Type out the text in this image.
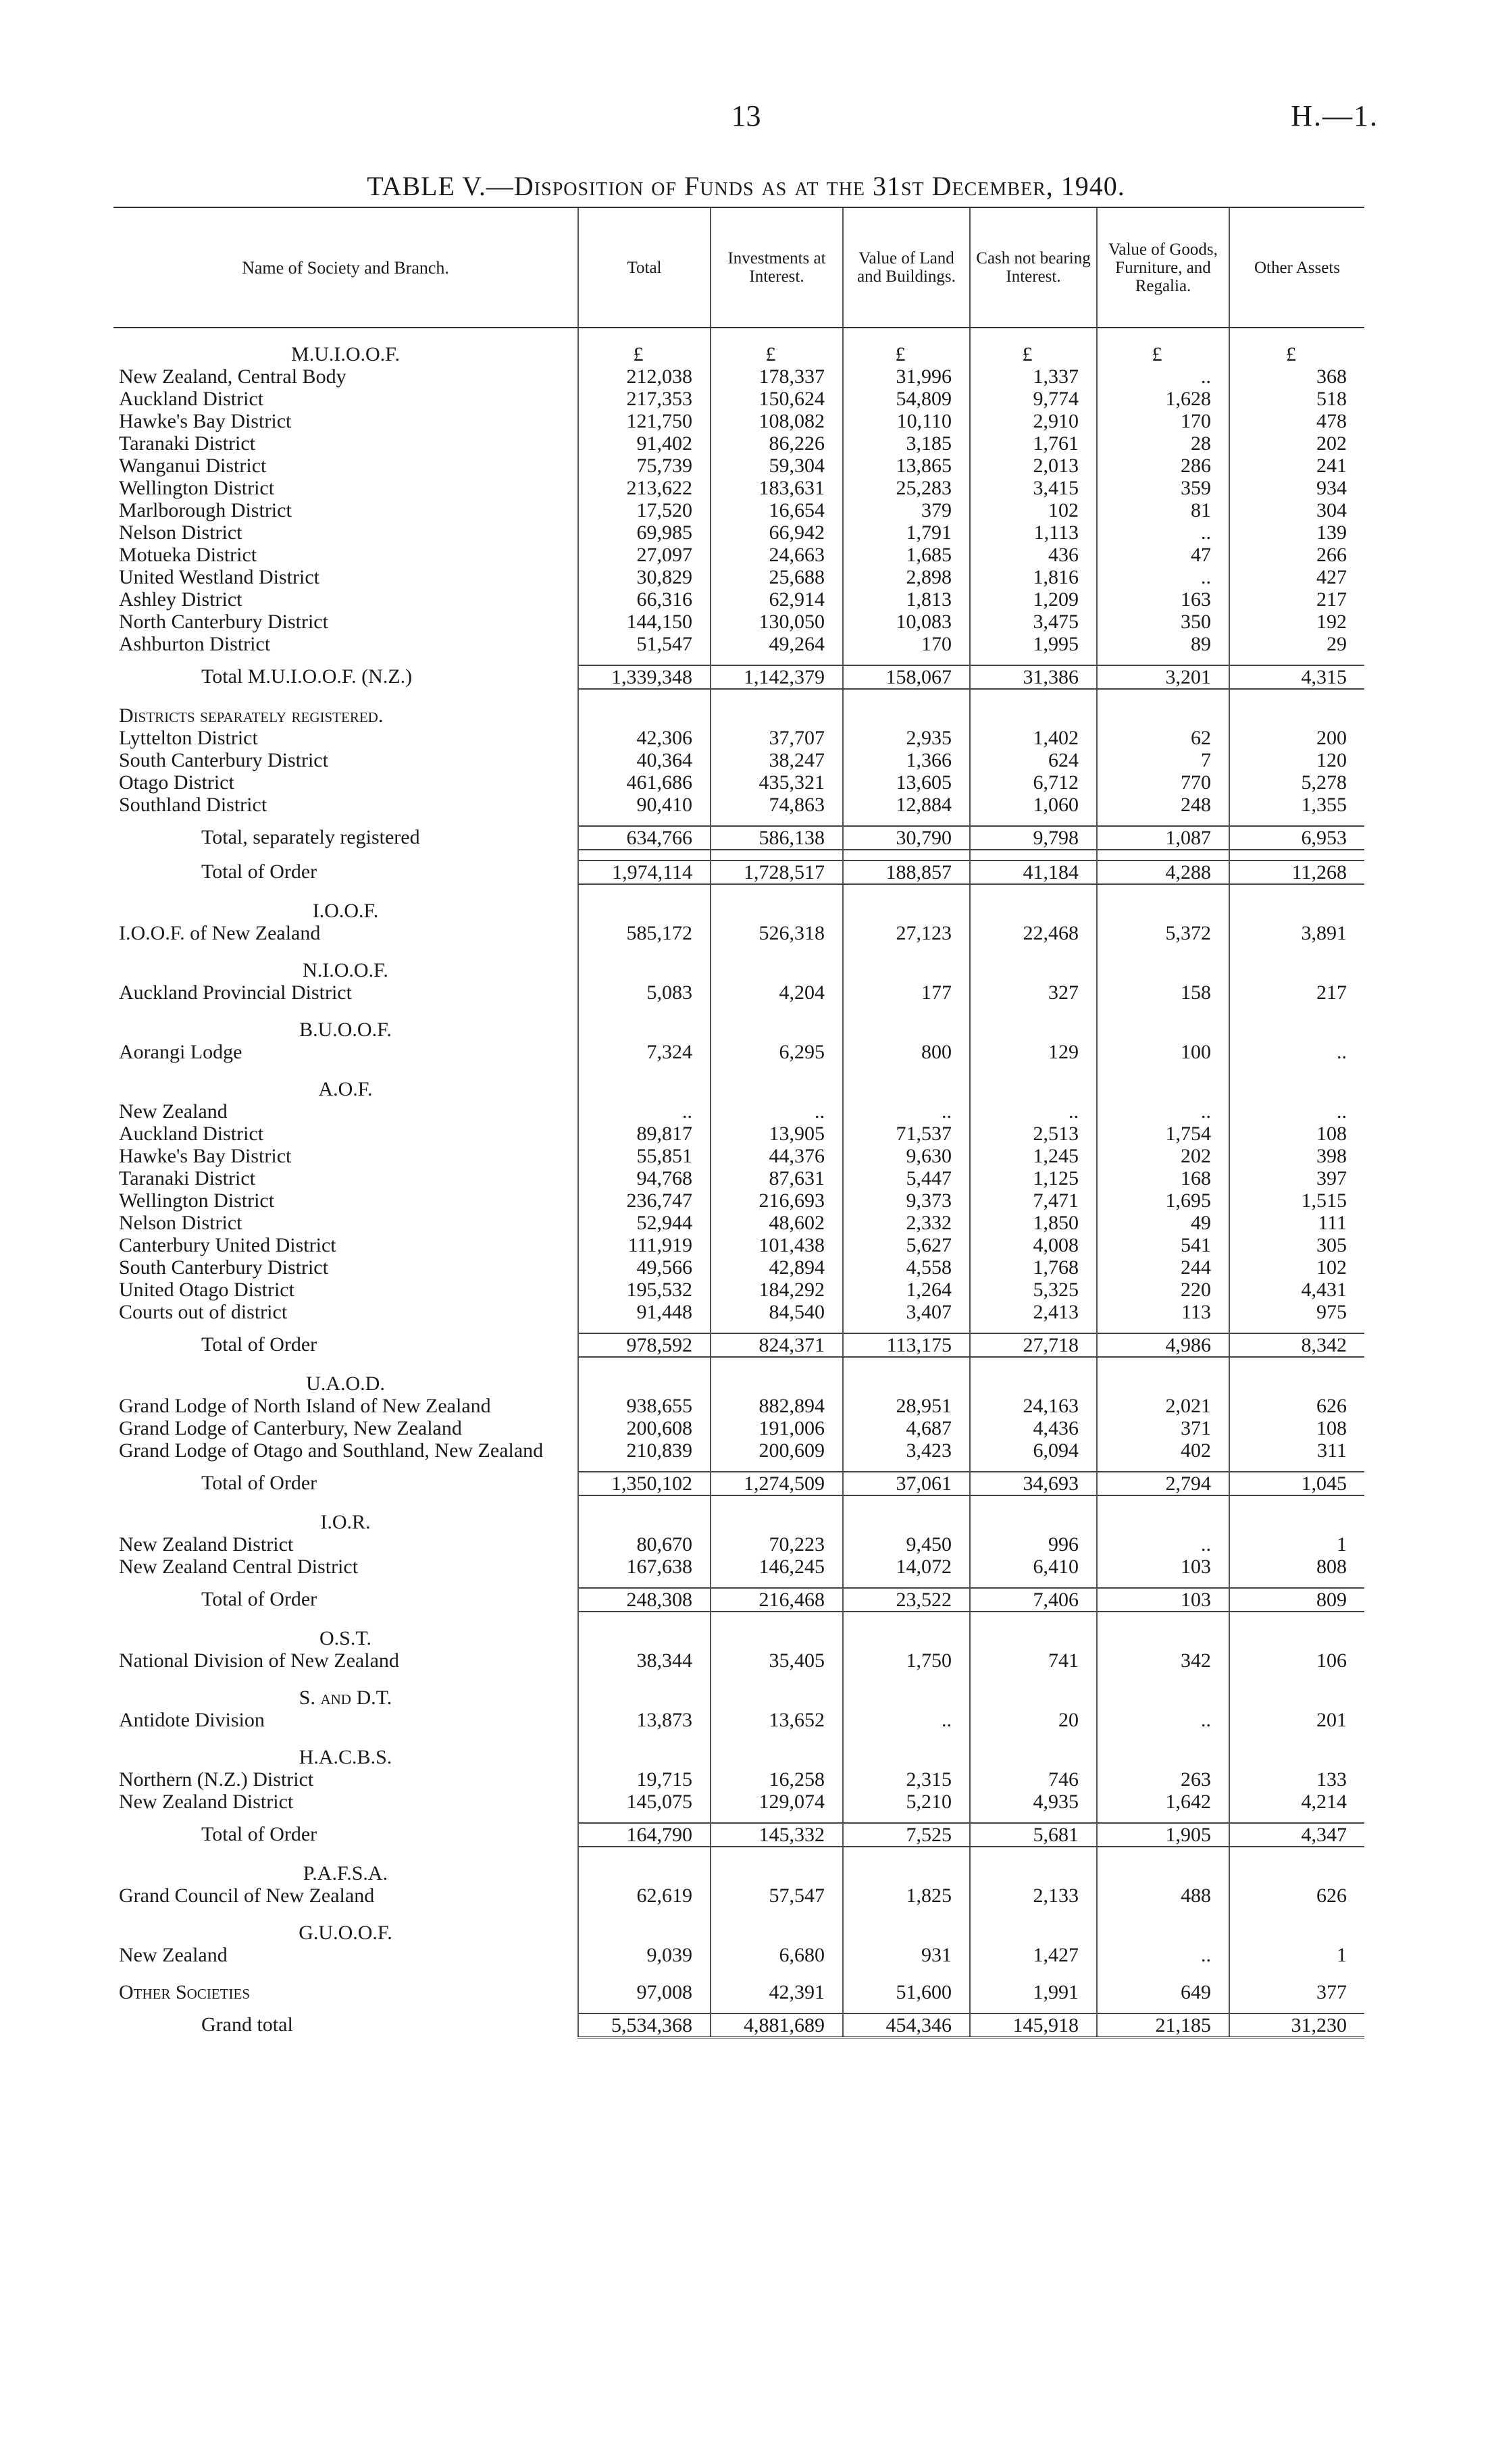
13	H.—1.
TABLE V.—Disposition of Funds as at the 31st December, 1940.
Name of Society and Branch.	Total	Investments at Interest.	Value of Land and Buildings.	Cash not bearing Interest.	Value of Goods, Furniture, and Regalia.	Other Assets

M.U.I.O.O.F.	£	£	£	£	£	£
New Zealand, Central Body	212,038	178,337	31,996	1,337	..	368
Auckland District	217,353	150,624	54,809	9,774	1,628	518
Hawke's Bay District	121,750	108,082	10,110	2,910	170	478
Taranaki District	91,402	86,226	3,185	1,761	28	202
Wanganui District	75,739	59,304	13,865	2,013	286	241
Wellington District	213,622	183,631	25,283	3,415	359	934
Marlborough District	17,520	16,654	379	102	81	304
Nelson District	69,985	66,942	1,791	1,113	..	139
Motueka District	27,097	24,663	1,685	436	47	266
United Westland District	30,829	25,688	2,898	1,816	..	427
Ashley District	66,316	62,914	1,813	1,209	163	217
North Canterbury District	144,150	130,050	10,083	3,475	350	192
Ashburton District	51,547	49,264	170	1,995	89	29

Total M.U.I.O.O.F. (N.Z.)	1,339,348	1,142,379	158,067	31,386	3,201	4,315

Districts separately registered.						
Lyttelton District	42,306	37,707	2,935	1,402	62	200
South Canterbury District	40,364	38,247	1,366	624	7	120
Otago District	461,686	435,321	13,605	6,712	770	5,278
Southland District	90,410	74,863	12,884	1,060	248	1,355

Total, separately registered	634,766	586,138	30,790	9,798	1,087	6,953

Total of Order	1,974,114	1,728,517	188,857	41,184	4,288	11,268

I.O.O.F.						
I.O.O.F. of New Zealand	585,172	526,318	27,123	22,468	5,372	3,891

N.I.O.O.F.						
Auckland Provincial District	5,083	4,204	177	327	158	217

B.U.O.O.F.						
Aorangi Lodge	7,324	6,295	800	129	100	..

A.O.F.						
New Zealand	..	..	..	..	..	..
Auckland District	89,817	13,905	71,537	2,513	1,754	108
Hawke's Bay District	55,851	44,376	9,630	1,245	202	398
Taranaki District	94,768	87,631	5,447	1,125	168	397
Wellington District	236,747	216,693	9,373	7,471	1,695	1,515
Nelson District	52,944	48,602	2,332	1,850	49	111
Canterbury United District	111,919	101,438	5,627	4,008	541	305
South Canterbury District	49,566	42,894	4,558	1,768	244	102
United Otago District	195,532	184,292	1,264	5,325	220	4,431
Courts out of district	91,448	84,540	3,407	2,413	113	975

Total of Order	978,592	824,371	113,175	27,718	4,986	8,342

U.A.O.D.						
Grand Lodge of North Island of New Zealand	938,655	882,894	28,951	24,163	2,021	626
Grand Lodge of Canterbury, New Zealand	200,608	191,006	4,687	4,436	371	108
Grand Lodge of Otago and Southland, New Zealand	210,839	200,609	3,423	6,094	402	311

Total of Order	1,350,102	1,274,509	37,061	34,693	2,794	1,045

I.O.R.						
New Zealand District	80,670	70,223	9,450	996	..	1
New Zealand Central District	167,638	146,245	14,072	6,410	103	808

Total of Order	248,308	216,468	23,522	7,406	103	809

O.S.T.						
National Division of New Zealand	38,344	35,405	1,750	741	342	106

S. and D.T.						
Antidote Division	13,873	13,652	..	20	..	201

H.A.C.B.S.						
Northern (N.Z.) District	19,715	16,258	2,315	746	263	133
New Zealand District	145,075	129,074	5,210	4,935	1,642	4,214

Total of Order	164,790	145,332	7,525	5,681	1,905	4,347

P.A.F.S.A.						
Grand Council of New Zealand	62,619	57,547	1,825	2,133	488	626

G.U.O.O.F.						
New Zealand	9,039	6,680	931	1,427	..	1

Other Societies	97,008	42,391	51,600	1,991	649	377

Grand total	5,534,368	4,881,689	454,346	145,918	21,185	31,230
